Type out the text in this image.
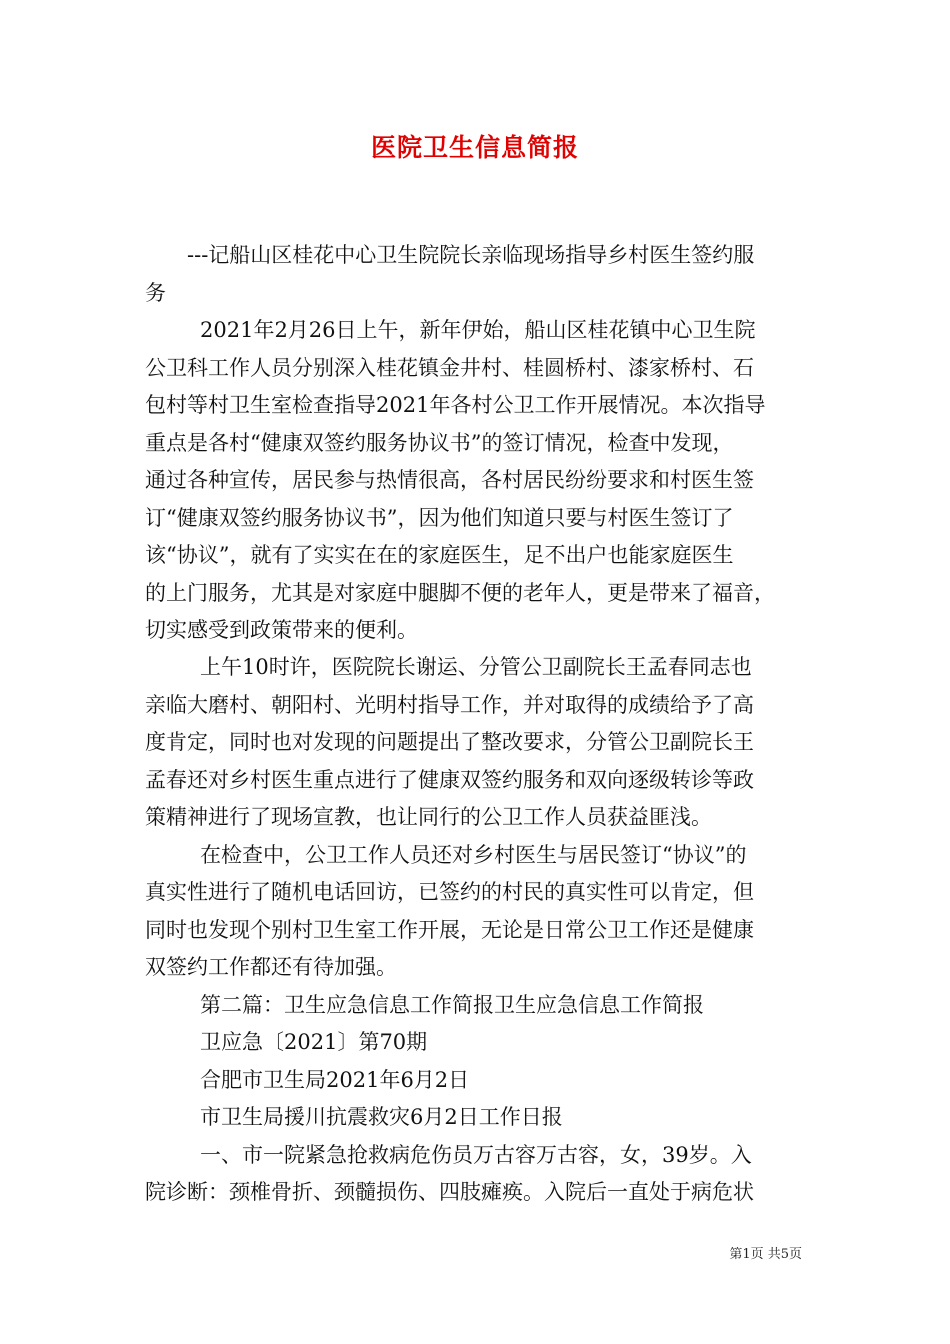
医院卫生信息简报
---记船山区桂花中心卫生院院长亲临现场指导乡村医生签约服
务
2021年2月26日上午，新年伊始，船山区桂花镇中心卫生院
公卫科工作人员分别深入桂花镇金井村、桂圆桥村、漆家桥村、石
包村等村卫生室检查指导2021年各村公卫工作开展情况。本次指导
重点是各村“健康双签约服务协议书”的签订情况，检查中发现，
通过各种宣传，居民参与热情很高，各村居民纷纷要求和村医生签
订“健康双签约服务协议书”，因为他们知道只要与村医生签订了
该“协议”，就有了实实在在的家庭医生，足不出户也能家庭医生
的上门服务，尤其是对家庭中腿脚不便的老年人，更是带来了福音，
切实感受到政策带来的便利。
上午10时许，医院院长谢运、分管公卫副院长王孟春同志也
亲临大磨村、朝阳村、光明村指导工作，并对取得的成绩给予了高
度肯定，同时也对发现的问题提出了整改要求，分管公卫副院长王
孟春还对乡村医生重点进行了健康双签约服务和双向逐级转诊等政
策精神进行了现场宣教，也让同行的公卫工作人员获益匪浅。
在检查中，公卫工作人员还对乡村医生与居民签订“协议”的
真实性进行了随机电话回访，已签约的村民的真实性可以肯定，但
同时也发现个别村卫生室工作开展，无论是日常公卫工作还是健康
双签约工作都还有待加强。
第二篇：卫生应急信息工作简报卫生应急信息工作简报
卫应急〔2021〕第70期
合肥市卫生局2021年6月2日
市卫生局援川抗震救灾6月2日工作日报
一、市一院紧急抢救病危伤员万古容万古容，女，39岁。入
院诊断：颈椎骨折、颈髓损伤、四肢瘫痪。入院后一直处于病危状
第1页 共5页
